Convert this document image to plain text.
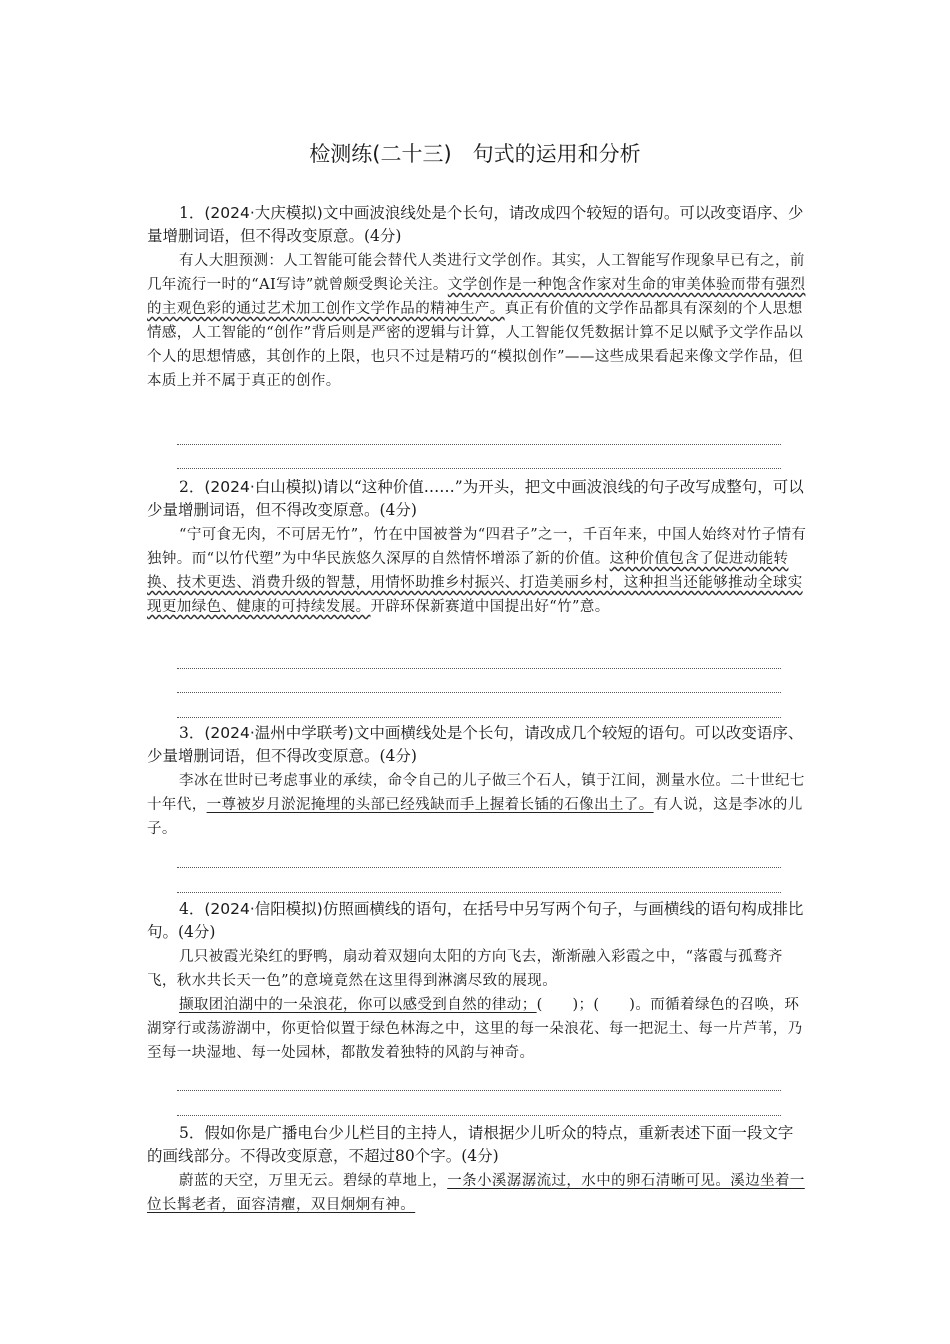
检测练(二十三)　句式的运用和分析

1．(2024·大庆模拟)文中画波浪线处是个长句，请改成四个较短的语句。可以改变语序、少量增删词语，但不得改变原意。(4分)

有人大胆预测：人工智能可能会替代人类进行文学创作。其实，人工智能写作现象早已有之，前几年流行一时的“AI写诗”就曾颇受舆论关注。文学创作是一种饱含作家对生命的审美体验而带有强烈的主观色彩的通过艺术加工创作文学作品的精神生产。真正有价值的文学作品都具有深刻的个人思想情感，人工智能的“创作”背后则是严密的逻辑与计算，人工智能仅凭数据计算不足以赋予文学作品以个人的思想情感，其创作的上限，也只不过是精巧的“模拟创作”——这些成果看起来像文学作品，但本质上并不属于真正的创作。

2．(2024·白山模拟)请以“这种价值……”为开头，把文中画波浪线的句子改写成整句，可以少量增删词语，但不得改变原意。(4分)

“宁可食无肉，不可居无竹”，竹在中国被誉为“四君子”之一，千百年来，中国人始终对竹子情有独钟。而“以竹代塑”为中华民族悠久深厚的自然情怀增添了新的价值。这种价值包含了促进动能转换、技术更迭、消费升级的智慧，用情怀助推乡村振兴、打造美丽乡村，这种担当还能够推动全球实现更加绿色、健康的可持续发展。开辟环保新赛道中国提出好“竹”意。

3．(2024·温州中学联考)文中画横线处是个长句，请改成几个较短的语句。可以改变语序、少量增删词语，但不得改变原意。(4分)

李冰在世时已考虑事业的承续，命令自己的儿子做三个石人，镇于江间，测量水位。二十世纪七十年代，一尊被岁月淤泥掩埋的头部已经残缺而手上握着长锸的石像出土了。有人说，这是李冰的儿子。

4．(2024·信阳模拟)仿照画横线的语句，在括号中另写两个句子，与画横线的语句构成排比句。(4分)

几只被霞光染红的野鸭，扇动着双翅向太阳的方向飞去，渐渐融入彩霞之中，“落霞与孤鹜齐飞，秋水共长天一色”的意境竟然在这里得到淋漓尽致的展现。

撷取团泊湖中的一朵浪花，你可以感受到自然的律动；(　　)；(　　)。而循着绿色的召唤，环湖穿行或荡游湖中，你更恰似置于绿色林海之中，这里的每一朵浪花、每一把泥土、每一片芦苇，乃至每一块湿地、每一处园林，都散发着独特的风韵与神奇。

5．假如你是广播电台少儿栏目的主持人，请根据少儿听众的特点，重新表述下面一段文字的画线部分。不得改变原意，不超过80个字。(4分)

蔚蓝的天空，万里无云。碧绿的草地上，一条小溪潺潺流过，水中的卵石清晰可见。溪边坐着一位长髯老者，面容清癯，双目炯炯有神。
